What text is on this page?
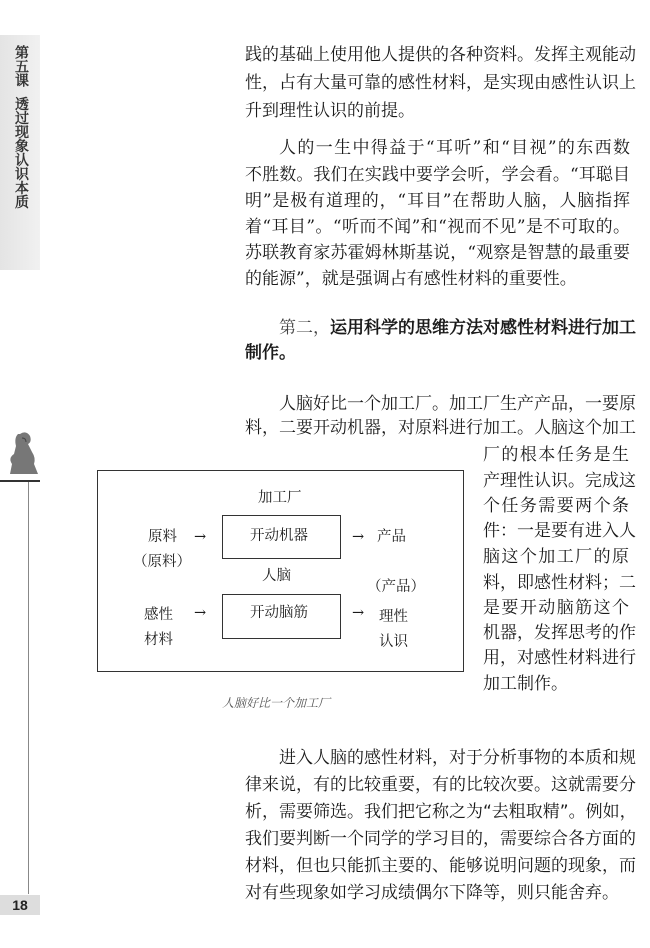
第五课  透过现象认识本质
18
践的基础上使用他人提供的各种资料。发挥主观能动
性，占有大量可靠的感性材料，是实现由感性认识上
升到理性认识的前提。
人的一生中得益于“耳听”和“目视”的东西数
不胜数。我们在实践中要学会听，学会看。“耳聪目
明”是极有道理的，“耳目”在帮助人脑，人脑指挥
着“耳目”。“听而不闻”和“视而不见”是不可取的。
苏联教育家苏霍姆林斯基说，“观察是智慧的最重要
的能源”，就是强调占有感性材料的重要性。
第二， 运用科学的思维方法对感性材料进行加工
制作。
人脑好比一个加工厂。加工厂生产产品，一要原
料，二要开动机器，对原料进行加工。人脑这个加工
厂的根本任务是生
产理性认识。完成这
个任务需要两个条
件：一是要有进入人
脑这个加工厂的原
料，即感性材料；二
是要开动脑筋这个
机器，发挥思考的作
用，对感性材料进行
加工制作。
加工厂
原料 →	开动机器	→ 产品
（原料）
人脑
（产品）
感性
材料
→	开动脑筋	→ 理性
认识
人脑好比一个加工厂
进入人脑的感性材料，对于分析事物的本质和规
律来说，有的比较重要，有的比较次要。这就需要分
析，需要筛选。我们把它称之为“去粗取精”。例如，
我们要判断一个同学的学习目的，需要综合各方面的
材料，但也只能抓主要的、能够说明问题的现象，而
对有些现象如学习成绩偶尔下降等，则只能舍弃。
